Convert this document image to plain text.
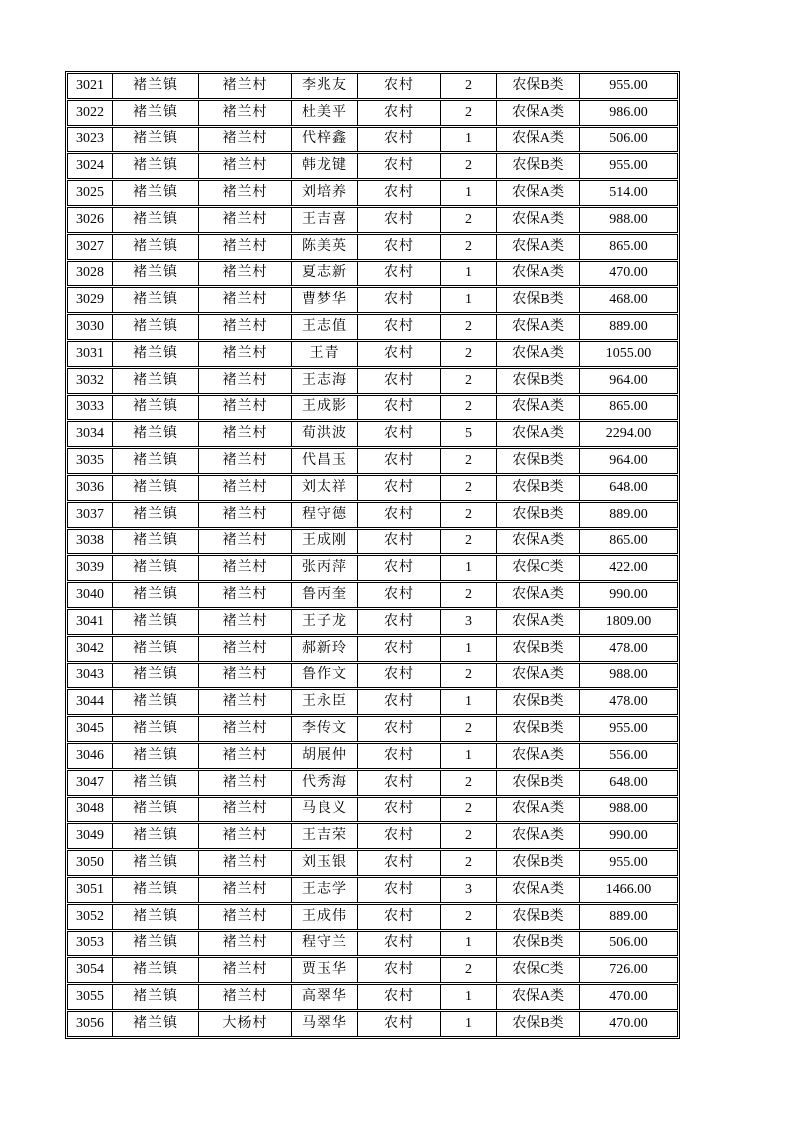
3021	褚兰镇	褚兰村	李兆友	农村	2	农保B类	955.00
3022	褚兰镇	褚兰村	杜美平	农村	2	农保A类	986.00
3023	褚兰镇	褚兰村	代梓鑫	农村	1	农保A类	506.00
3024	褚兰镇	褚兰村	韩龙键	农村	2	农保B类	955.00
3025	褚兰镇	褚兰村	刘培养	农村	1	农保A类	514.00
3026	褚兰镇	褚兰村	王吉喜	农村	2	农保A类	988.00
3027	褚兰镇	褚兰村	陈美英	农村	2	农保A类	865.00
3028	褚兰镇	褚兰村	夏志新	农村	1	农保A类	470.00
3029	褚兰镇	褚兰村	曹梦华	农村	1	农保B类	468.00
3030	褚兰镇	褚兰村	王志值	农村	2	农保A类	889.00
3031	褚兰镇	褚兰村	王青	农村	2	农保A类	1055.00
3032	褚兰镇	褚兰村	王志海	农村	2	农保B类	964.00
3033	褚兰镇	褚兰村	王成影	农村	2	农保A类	865.00
3034	褚兰镇	褚兰村	荀洪波	农村	5	农保A类	2294.00
3035	褚兰镇	褚兰村	代昌玉	农村	2	农保B类	964.00
3036	褚兰镇	褚兰村	刘太祥	农村	2	农保B类	648.00
3037	褚兰镇	褚兰村	程守德	农村	2	农保B类	889.00
3038	褚兰镇	褚兰村	王成刚	农村	2	农保A类	865.00
3039	褚兰镇	褚兰村	张丙萍	农村	1	农保C类	422.00
3040	褚兰镇	褚兰村	鲁丙奎	农村	2	农保A类	990.00
3041	褚兰镇	褚兰村	王子龙	农村	3	农保A类	1809.00
3042	褚兰镇	褚兰村	郝新玲	农村	1	农保B类	478.00
3043	褚兰镇	褚兰村	鲁作文	农村	2	农保A类	988.00
3044	褚兰镇	褚兰村	王永臣	农村	1	农保B类	478.00
3045	褚兰镇	褚兰村	李传文	农村	2	农保B类	955.00
3046	褚兰镇	褚兰村	胡展仲	农村	1	农保A类	556.00
3047	褚兰镇	褚兰村	代秀海	农村	2	农保B类	648.00
3048	褚兰镇	褚兰村	马良义	农村	2	农保A类	988.00
3049	褚兰镇	褚兰村	王吉荣	农村	2	农保A类	990.00
3050	褚兰镇	褚兰村	刘玉银	农村	2	农保B类	955.00
3051	褚兰镇	褚兰村	王志学	农村	3	农保A类	1466.00
3052	褚兰镇	褚兰村	王成伟	农村	2	农保B类	889.00
3053	褚兰镇	褚兰村	程守兰	农村	1	农保B类	506.00
3054	褚兰镇	褚兰村	贾玉华	农村	2	农保C类	726.00
3055	褚兰镇	褚兰村	高翠华	农村	1	农保A类	470.00
3056	褚兰镇	大杨村	马翠华	农村	1	农保B类	470.00
